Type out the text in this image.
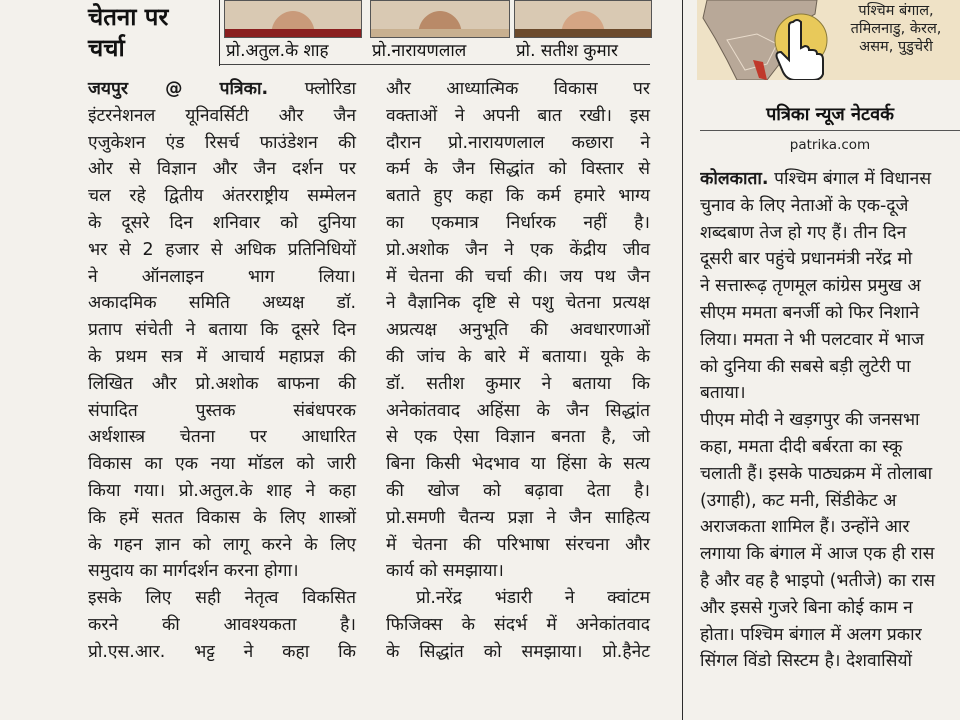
चेतना पर
चर्चा	प्रो.अतुल.के शाह	प्रो.नारायणलाल	प्रो. सतीश कुमार
जयपुर @ पत्रिका. फ्लोरिडा
इंटरनेशनल यूनिवर्सिटी और जैन
एजुकेशन एंड रिसर्च फाउंडेशन की
ओर से विज्ञान और जैन दर्शन पर
चल रहे द्वितीय अंतरराष्ट्रीय सम्मेलन
के दूसरे दिन शनिवार को दुनिया
भर से 2 हजार से अधिक प्रतिनिधियों
ने ऑनलाइन भाग लिया।
अकादमिक समिति अध्यक्ष डॉ.
प्रताप संचेती ने बताया कि दूसरे दिन
के प्रथम सत्र में आचार्य महाप्रज्ञ की
लिखित और प्रो.अशोक बाफना की
संपादित पुस्तक संबंधपरक
अर्थशास्त्र चेतना पर आधारित
विकास का एक नया मॉडल को जारी
किया गया। प्रो.अतुल.के शाह ने कहा
कि हमें सतत विकास के लिए शास्त्रों
के गहन ज्ञान को लागू करने के लिए
समुदाय का मार्गदर्शन करना होगा।
इसके लिए सही नेतृत्व विकसित
करने की आवश्यकता है।
प्रो.एस.आर. भट्ट ने कहा कि
और आध्यात्मिक विकास पर
वक्ताओं ने अपनी बात रखी। इस
दौरान प्रो.नारायणलाल कछारा ने
कर्म के जैन सिद्धांत को विस्तार से
बताते हुए कहा कि कर्म हमारे भाग्य
का एकमात्र निर्धारक नहीं है।
प्रो.अशोक जैन ने एक केंद्रीय जीव
में चेतना की चर्चा की। जय पथ जैन
ने वैज्ञानिक दृष्टि से पशु चेतना प्रत्यक्ष
अप्रत्यक्ष अनुभूति की अवधारणाओं
की जांच के बारे में बताया। यूके के
डॉ. सतीश कुमार ने बताया कि
अनेकांतवाद अहिंसा के जैन सिद्धांत
से एक ऐसा विज्ञान बनता है, जो
बिना किसी भेदभाव या हिंसा के सत्य
की खोज को बढ़ावा देता है।
प्रो.समणी चैतन्य प्रज्ञा ने जैन साहित्य
में चेतना की परिभाषा संरचना और
कार्य को समझाया।
प्रो.नरेंद्र भंडारी ने क्वांटम
फिजिक्स के संदर्भ में अनेकांतवाद
के सिद्धांत को समझाया। प्रो.हैनेट
पश्चिम बंगाल,
तमिलनाडु, केरल,
असम, पुडुचेरी
पत्रिका न्यूज नेटवर्क
patrika.com
कोलकाता. पश्चिम बंगाल में विधानस
चुनाव के लिए नेताओं के एक-दूजे
शब्दबाण तेज हो गए हैं। तीन दिन
दूसरी बार पहुंचे प्रधानमंत्री नरेंद्र मो
ने सत्तारूढ़ तृणमूल कांग्रेस प्रमुख अ
सीएम ममता बनर्जी को फिर निशाने
लिया। ममता ने भी पलटवार में भाज
को दुनिया की सबसे बड़ी लुटेरी पा
बताया।
पीएम मोदी ने खड़गपुर की जनसभा
कहा, ममता दीदी बर्बरता का स्कू
चलाती हैं। इसके पाठ्यक्रम में तोलाबा
(उगाही), कट मनी, सिंडीकेट अ
अराजकता शामिल हैं। उन्होंने आर
लगाया कि बंगाल में आज एक ही रास
है और वह है भाइपो (भतीजे) का रास
और इससे गुजरे बिना कोई काम न
होता। पश्चिम बंगाल में अलग प्रकार
सिंगल विंडो सिस्टम है। देशवासियों
